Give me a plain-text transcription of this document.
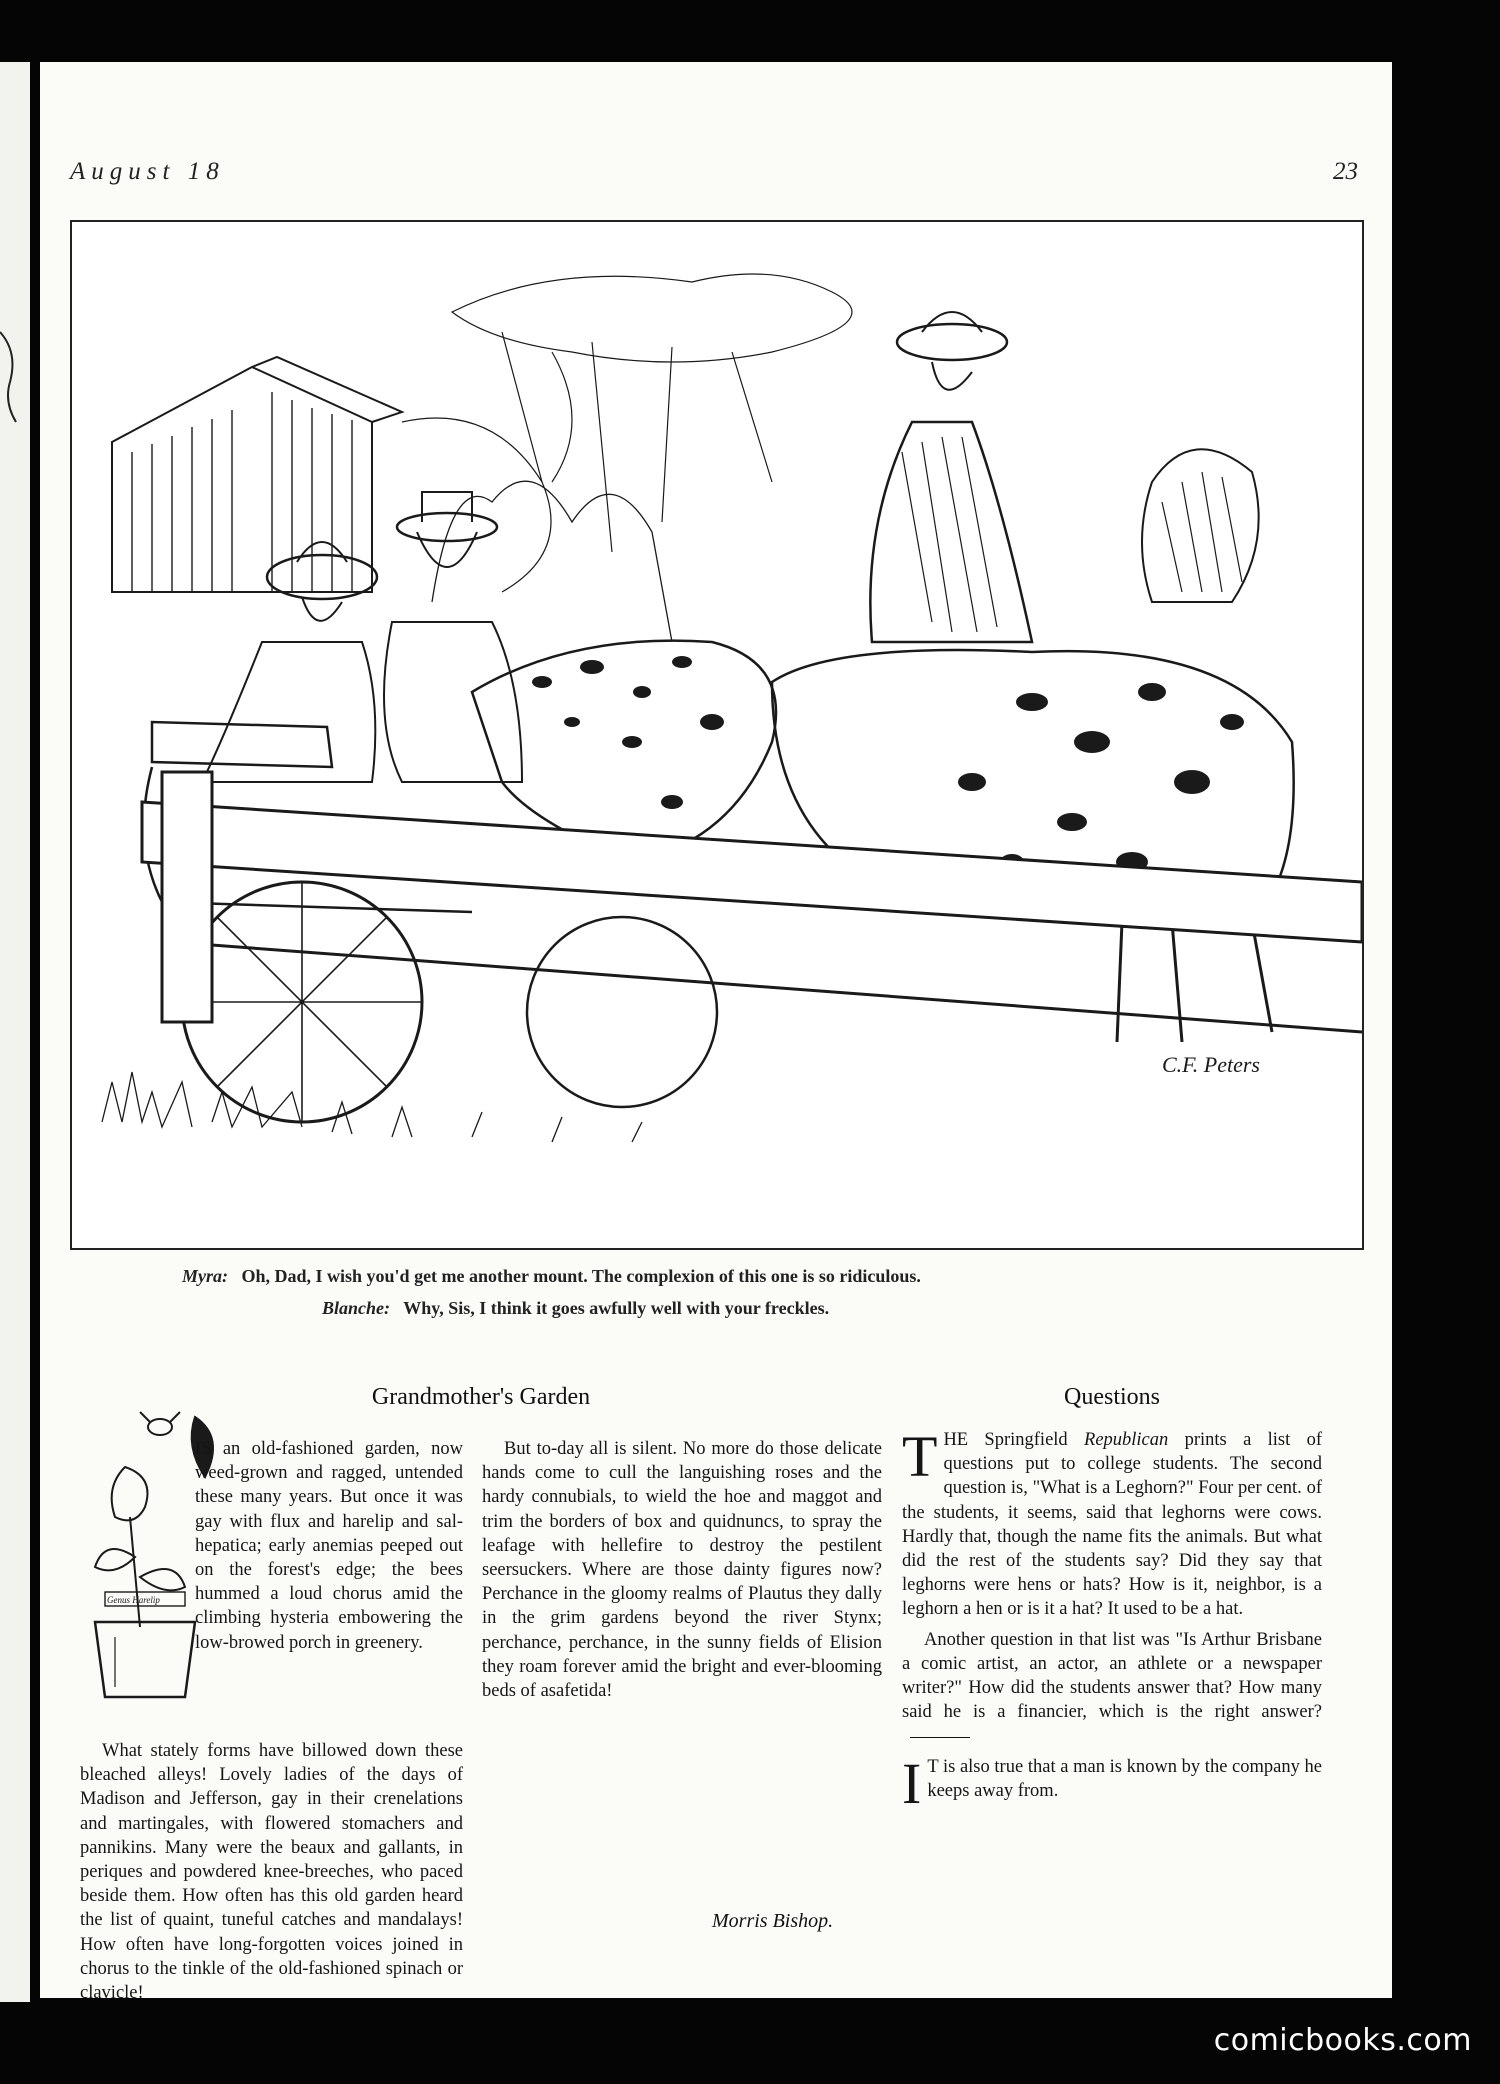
August 18	23
C.F. Peters
Myra: Oh, Dad, I wish you'd get me another mount. The complexion of this one is so ridiculous.
Blanche: Why, Sis, I think it goes awfully well with your freckles.
Grandmother's Garden
Genus Harelip

IS an old-fashioned garden, now weed-grown and ragged, untended these many years. But once it was gay with flux and harelip and sal-hepatica; early anemias peeped out on the forest's edge; the bees hummed a loud chorus amid the climbing hysteria embowering the low-browed porch in greenery.

What stately forms have billowed down these bleached alleys! Lovely ladies of the days of Madison and Jefferson, gay in their crenelations and martingales, with flowered stomachers and pannikins. Many were the beaux and gallants, in periques and powdered knee-breeches, who paced beside them. How often has this old garden heard the list of quaint, tuneful catches and mandalays! How often have long-forgotten voices joined in chorus to the tinkle of the old-fashioned spinach or clavicle!

But to-day all is silent. No more do those delicate hands come to cull the languishing roses and the hardy connubials, to wield the hoe and maggot and trim the borders of box and quidnuncs, to spray the leafage with hellefire to destroy the pestilent seersuckers. Where are those dainty figures now? Perchance in the gloomy realms of Plautus they dally in the grim gardens beyond the river Stynx; perchance, perchance, in the sunny fields of Elision they roam forever amid the bright and ever-blooming beds of asafetida!

Morris Bishop.
Questions

THE Springfield Republican prints a list of questions put to college students. The second question is, "What is a Leghorn?" Four per cent. of the students, it seems, said that leghorns were cows. Hardly that, though the name fits the animals. But what did the rest of the students say? Did they say that leghorns were hens or hats? How is it, neighbor, is a leghorn a hen or is it a hat? It used to be a hat.

Another question in that list was "Is Arthur Brisbane a comic artist, an actor, an athlete or a newspaper writer?" How did the students answer that? How many said he is a financier, which is the right answer?

I T is also true that a man is known by the company he keeps away from.

comicbooks.com
